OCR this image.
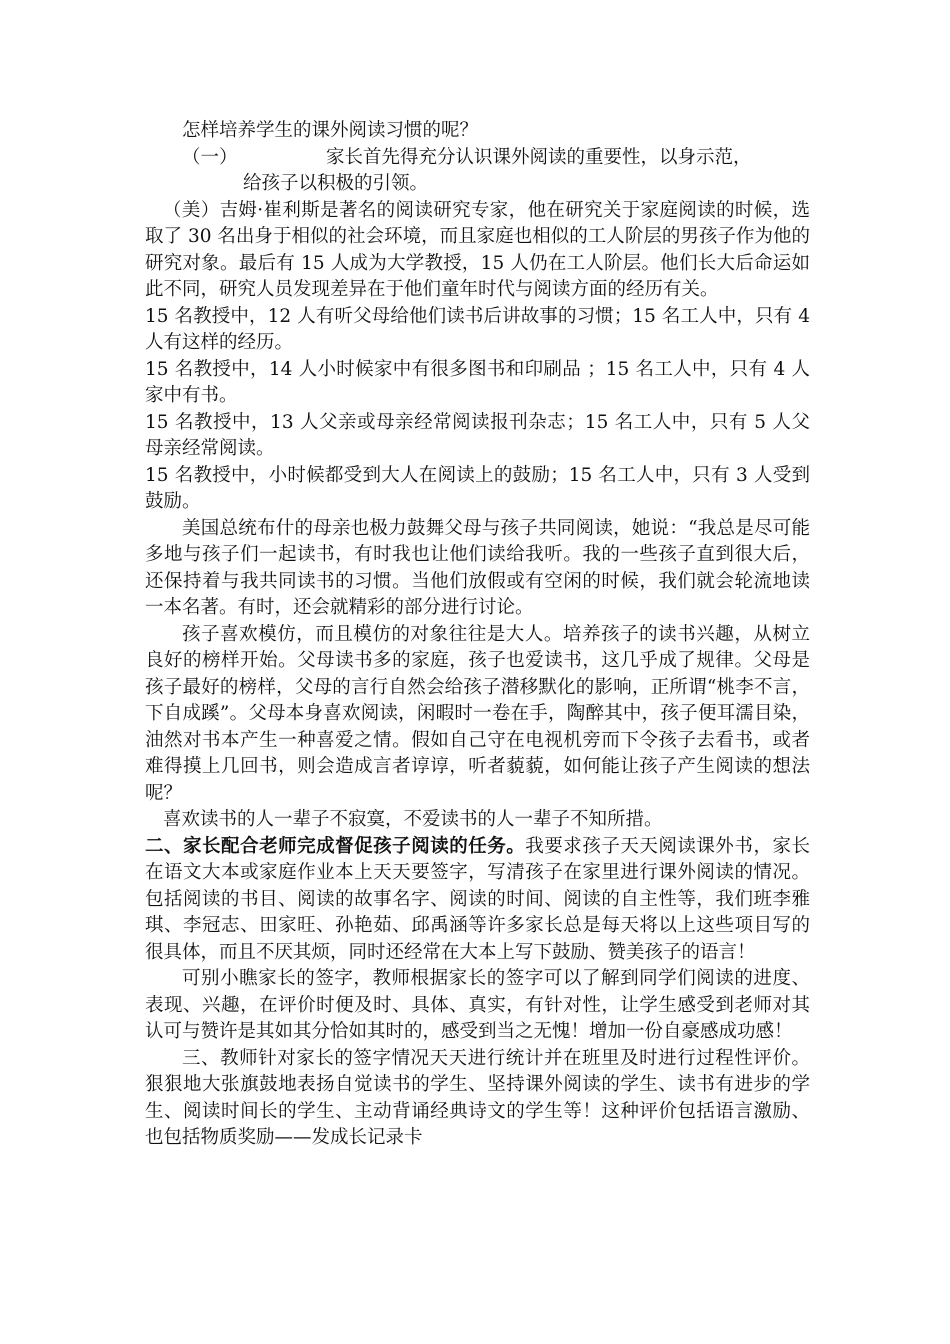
怎样培养学生的课外阅读习惯的呢？

（一）	家长首先得充分认识课外阅读的重要性，以身示范，

给孩子以积极的引领。

（美）吉姆·崔利斯是著名的阅读研究专家，他在研究关于家庭阅读的时候，选取了 30 名出身于相似的社会环境，而且家庭也相似的工人阶层的男孩子作为他的研究对象。最后有 15 人成为大学教授，15 人仍在工人阶层。他们长大后命运如此不同，研究人员发现差异在于他们童年时代与阅读方面的经历有关。

15 名教授中，12 人有听父母给他们读书后讲故事的习惯；15 名工人中，只有 4 人有这样的经历。

15 名教授中，14 人小时候家中有很多图书和印刷品 ；15 名工人中，只有 4 人家中有书。

15 名教授中，13 人父亲或母亲经常阅读报刊杂志；15 名工人中，只有 5 人父母亲经常阅读。

15 名教授中，小时候都受到大人在阅读上的鼓励；15 名工人中，只有 3 人受到鼓励。

美国总统布什的母亲也极力鼓舞父母与孩子共同阅读，她说：“我总是尽可能多地与孩子们一起读书，有时我也让他们读给我听。我的一些孩子直到很大后，还保持着与我共同读书的习惯。当他们放假或有空闲的时候，我们就会轮流地读一本名著。有时，还会就精彩的部分进行讨论。

孩子喜欢模仿，而且模仿的对象往往是大人。培养孩子的读书兴趣，从树立良好的榜样开始。父母读书多的家庭，孩子也爱读书，这几乎成了规律。父母是孩子最好的榜样，父母的言行自然会给孩子潜移默化的影响，正所谓“桃李不言，下自成蹊”。父母本身喜欢阅读，闲暇时一卷在手，陶醉其中，孩子便耳濡目染，油然对书本产生一种喜爱之情。假如自己守在电视机旁而下令孩子去看书，或者难得摸上几回书，则会造成言者谆谆，听者藐藐，如何能让孩子产生阅读的想法呢？

喜欢读书的人一辈子不寂寞，不爱读书的人一辈子不知所措。

二、家长配合老师完成督促孩子阅读的任务。我要求孩子天天阅读课外书，家长在语文大本或家庭作业本上天天要签字，写清孩子在家里进行课外阅读的情况。包括阅读的书目、阅读的故事名字、阅读的时间、阅读的自主性等，我们班李雅琪、李冠志、田家旺、孙艳茹、邱禹涵等许多家长总是每天将以上这些项目写的很具体，而且不厌其烦，同时还经常在大本上写下鼓励、赞美孩子的语言！

可别小瞧家长的签字，教师根据家长的签字可以了解到同学们阅读的进度、表现、兴趣，在评价时便及时、具体、真实，有针对性，让学生感受到老师对其认可与赞许是其如其分恰如其时的，感受到当之无愧！增加一份自豪感成功感！

三、教师针对家长的签字情况天天进行统计并在班里及时进行过程性评价。狠狠地大张旗鼓地表扬自觉读书的学生、坚持课外阅读的学生、读书有进步的学生、阅读时间长的学生、主动背诵经典诗文的学生等！这种评价包括语言激励、也包括物质奖励——发成长记录卡
